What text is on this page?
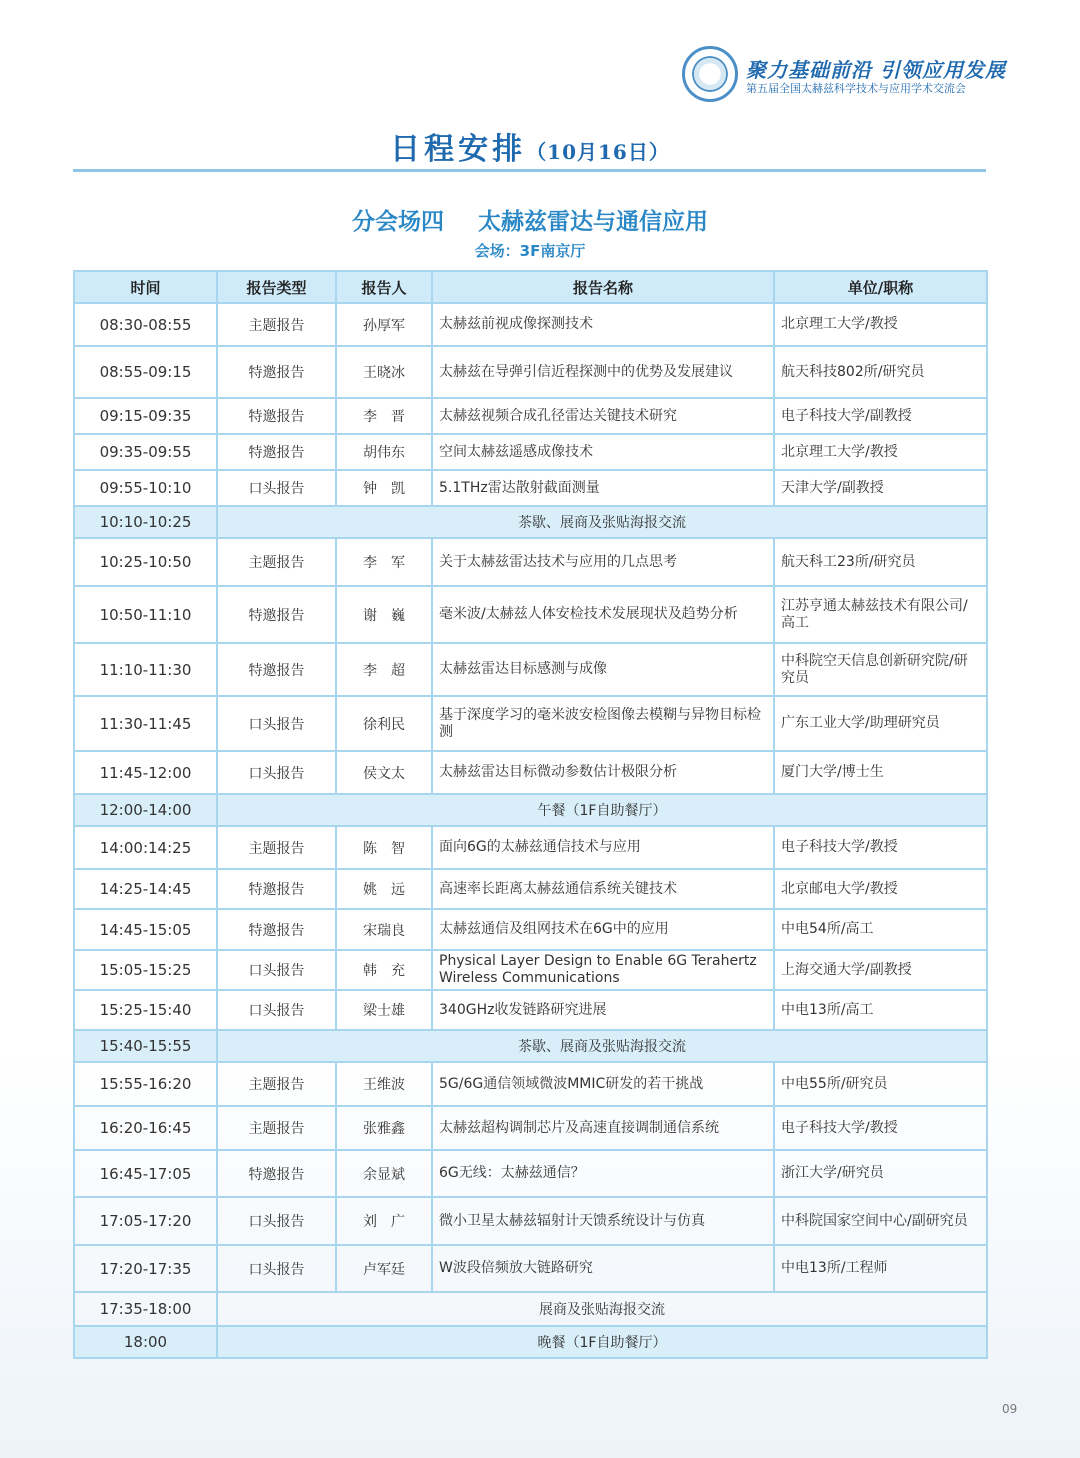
聚力基础前沿 引领应用发展
第五届全国太赫兹科学技术与应用学术交流会
日程安排（10月16日）
分会场四 太赫兹雷达与通信应用
会场：3F南京厅
时间	报告类型	报告人	报告名称	单位/职称
08:30-08:55	主题报告	孙厚军	太赫兹前视成像探测技术	北京理工大学/教授
08:55-09:15	特邀报告	王晓冰	太赫兹在导弹引信近程探测中的优势及发展建议	航天科技802所/研究员
09:15-09:35	特邀报告	李　晋	太赫兹视频合成孔径雷达关键技术研究	电子科技大学/副教授
09:35-09:55	特邀报告	胡伟东	空间太赫兹遥感成像技术	北京理工大学/教授
09:55-10:10	口头报告	钟　凯	5.1THz雷达散射截面测量	天津大学/副教授
10:10-10:25	茶歇、展商及张贴海报交流			
10:25-10:50	主题报告	李　军	关于太赫兹雷达技术与应用的几点思考	航天科工23所/研究员
10:50-11:10	特邀报告	谢　巍	毫米波/太赫兹人体安检技术发展现状及趋势分析	江苏亨通太赫兹技术有限公司/高工
11:10-11:30	特邀报告	李　超	太赫兹雷达目标感测与成像	中科院空天信息创新研究院/研究员
11:30-11:45	口头报告	徐利民	基于深度学习的毫米波安检图像去模糊与异物目标检测	广东工业大学/助理研究员
11:45-12:00	口头报告	侯文太	太赫兹雷达目标微动参数估计极限分析	厦门大学/博士生
12:00-14:00	午餐（1F自助餐厅）			
14:00:14:25	主题报告	陈　智	面向6G的太赫兹通信技术与应用	电子科技大学/教授
14:25-14:45	特邀报告	姚　远	高速率长距离太赫兹通信系统关键技术	北京邮电大学/教授
14:45-15:05	特邀报告	宋瑞良	太赫兹通信及组网技术在6G中的应用	中电54所/高工
15:05-15:25	口头报告	韩　充	Physical Layer Design to Enable 6G Terahertz Wireless Communications	上海交通大学/副教授
15:25-15:40	口头报告	梁士雄	340GHz收发链路研究进展	中电13所/高工
15:40-15:55	茶歇、展商及张贴海报交流			
15:55-16:20	主题报告	王维波	5G/6G通信领域微波MMIC研发的若干挑战	中电55所/研究员
16:20-16:45	主题报告	张雅鑫	太赫兹超构调制芯片及高速直接调制通信系统	电子科技大学/教授
16:45-17:05	特邀报告	余显斌	6G无线：太赫兹通信？	浙江大学/研究员
17:05-17:20	口头报告	刘　广	微小卫星太赫兹辐射计天馈系统设计与仿真	中科院国家空间中心/副研究员
17:20-17:35	口头报告	卢军廷	W波段倍频放大链路研究	中电13所/工程师
17:35-18:00	展商及张贴海报交流			
18:00	晚餐（1F自助餐厅）			
09
